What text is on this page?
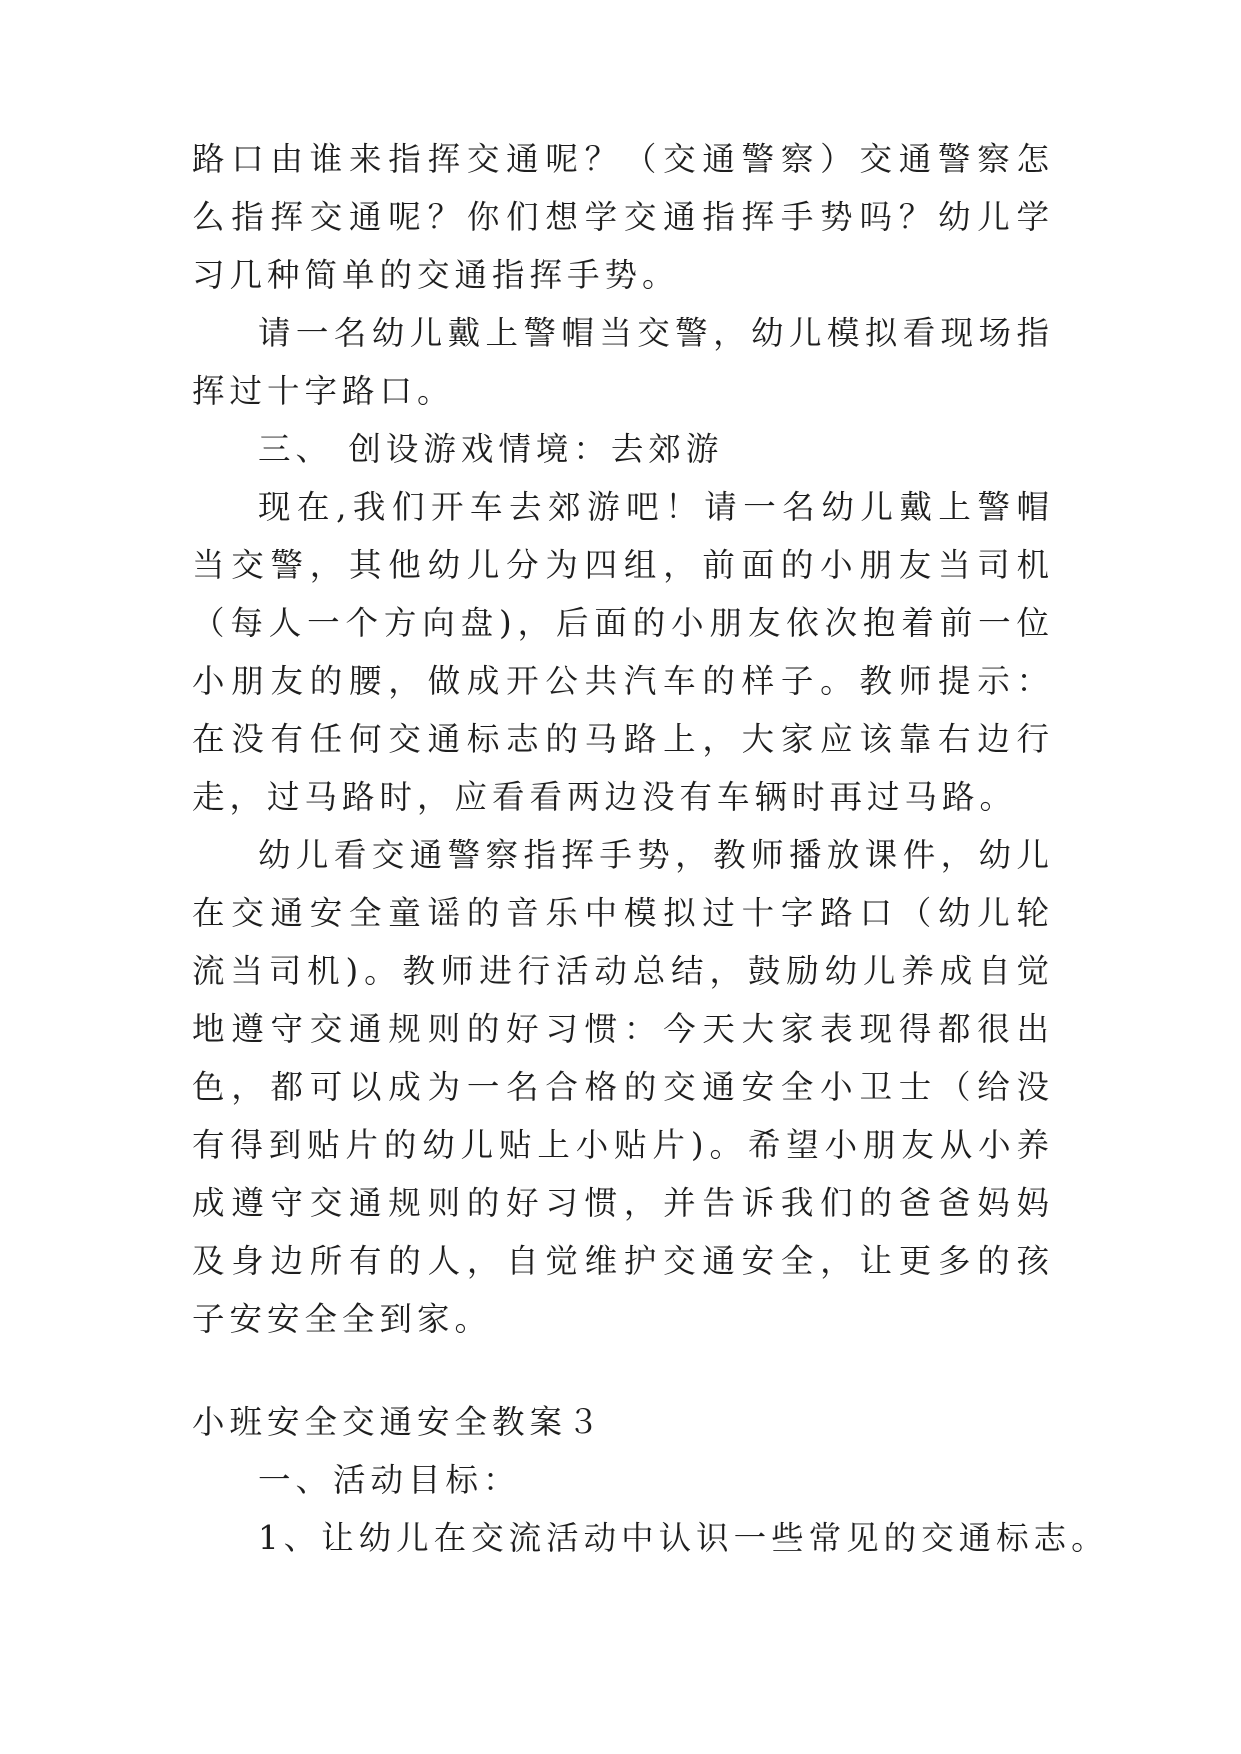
路口由谁来指挥交通呢？（交通警察）交通警察怎么指挥交通呢？你们想学交通指挥手势吗？幼儿学习几种简单的交通指挥手势。

请一名幼儿戴上警帽当交警，幼儿模拟看现场指挥过十字路口。

三、 创设游戏情境：去郊游

现在,我们开车去郊游吧！请一名幼儿戴上警帽当交警，其他幼儿分为四组，前面的小朋友当司机（每人一个方向盘)，后面的小朋友依次抱着前一位小朋友的腰，做成开公共汽车的样子。教师提示：在没有任何交通标志的马路上，大家应该靠右边行走，过马路时，应看看两边没有车辆时再过马路。

幼儿看交通警察指挥手势，教师播放课件，幼儿在交通安全童谣的音乐中模拟过十字路口（幼儿轮流当司机)。教师进行活动总结，鼓励幼儿养成自觉地遵守交通规则的好习惯：今天大家表现得都很出色，都可以成为一名合格的交通安全小卫士（给没有得到贴片的幼儿贴上小贴片)。希望小朋友从小养成遵守交通规则的好习惯，并告诉我们的爸爸妈妈及身边所有的人，自觉维护交通安全，让更多的孩子安安全全到家。

小班安全交通安全教案３

一、活动目标：

1、让幼儿在交流活动中认识一些常见的交通标志。
